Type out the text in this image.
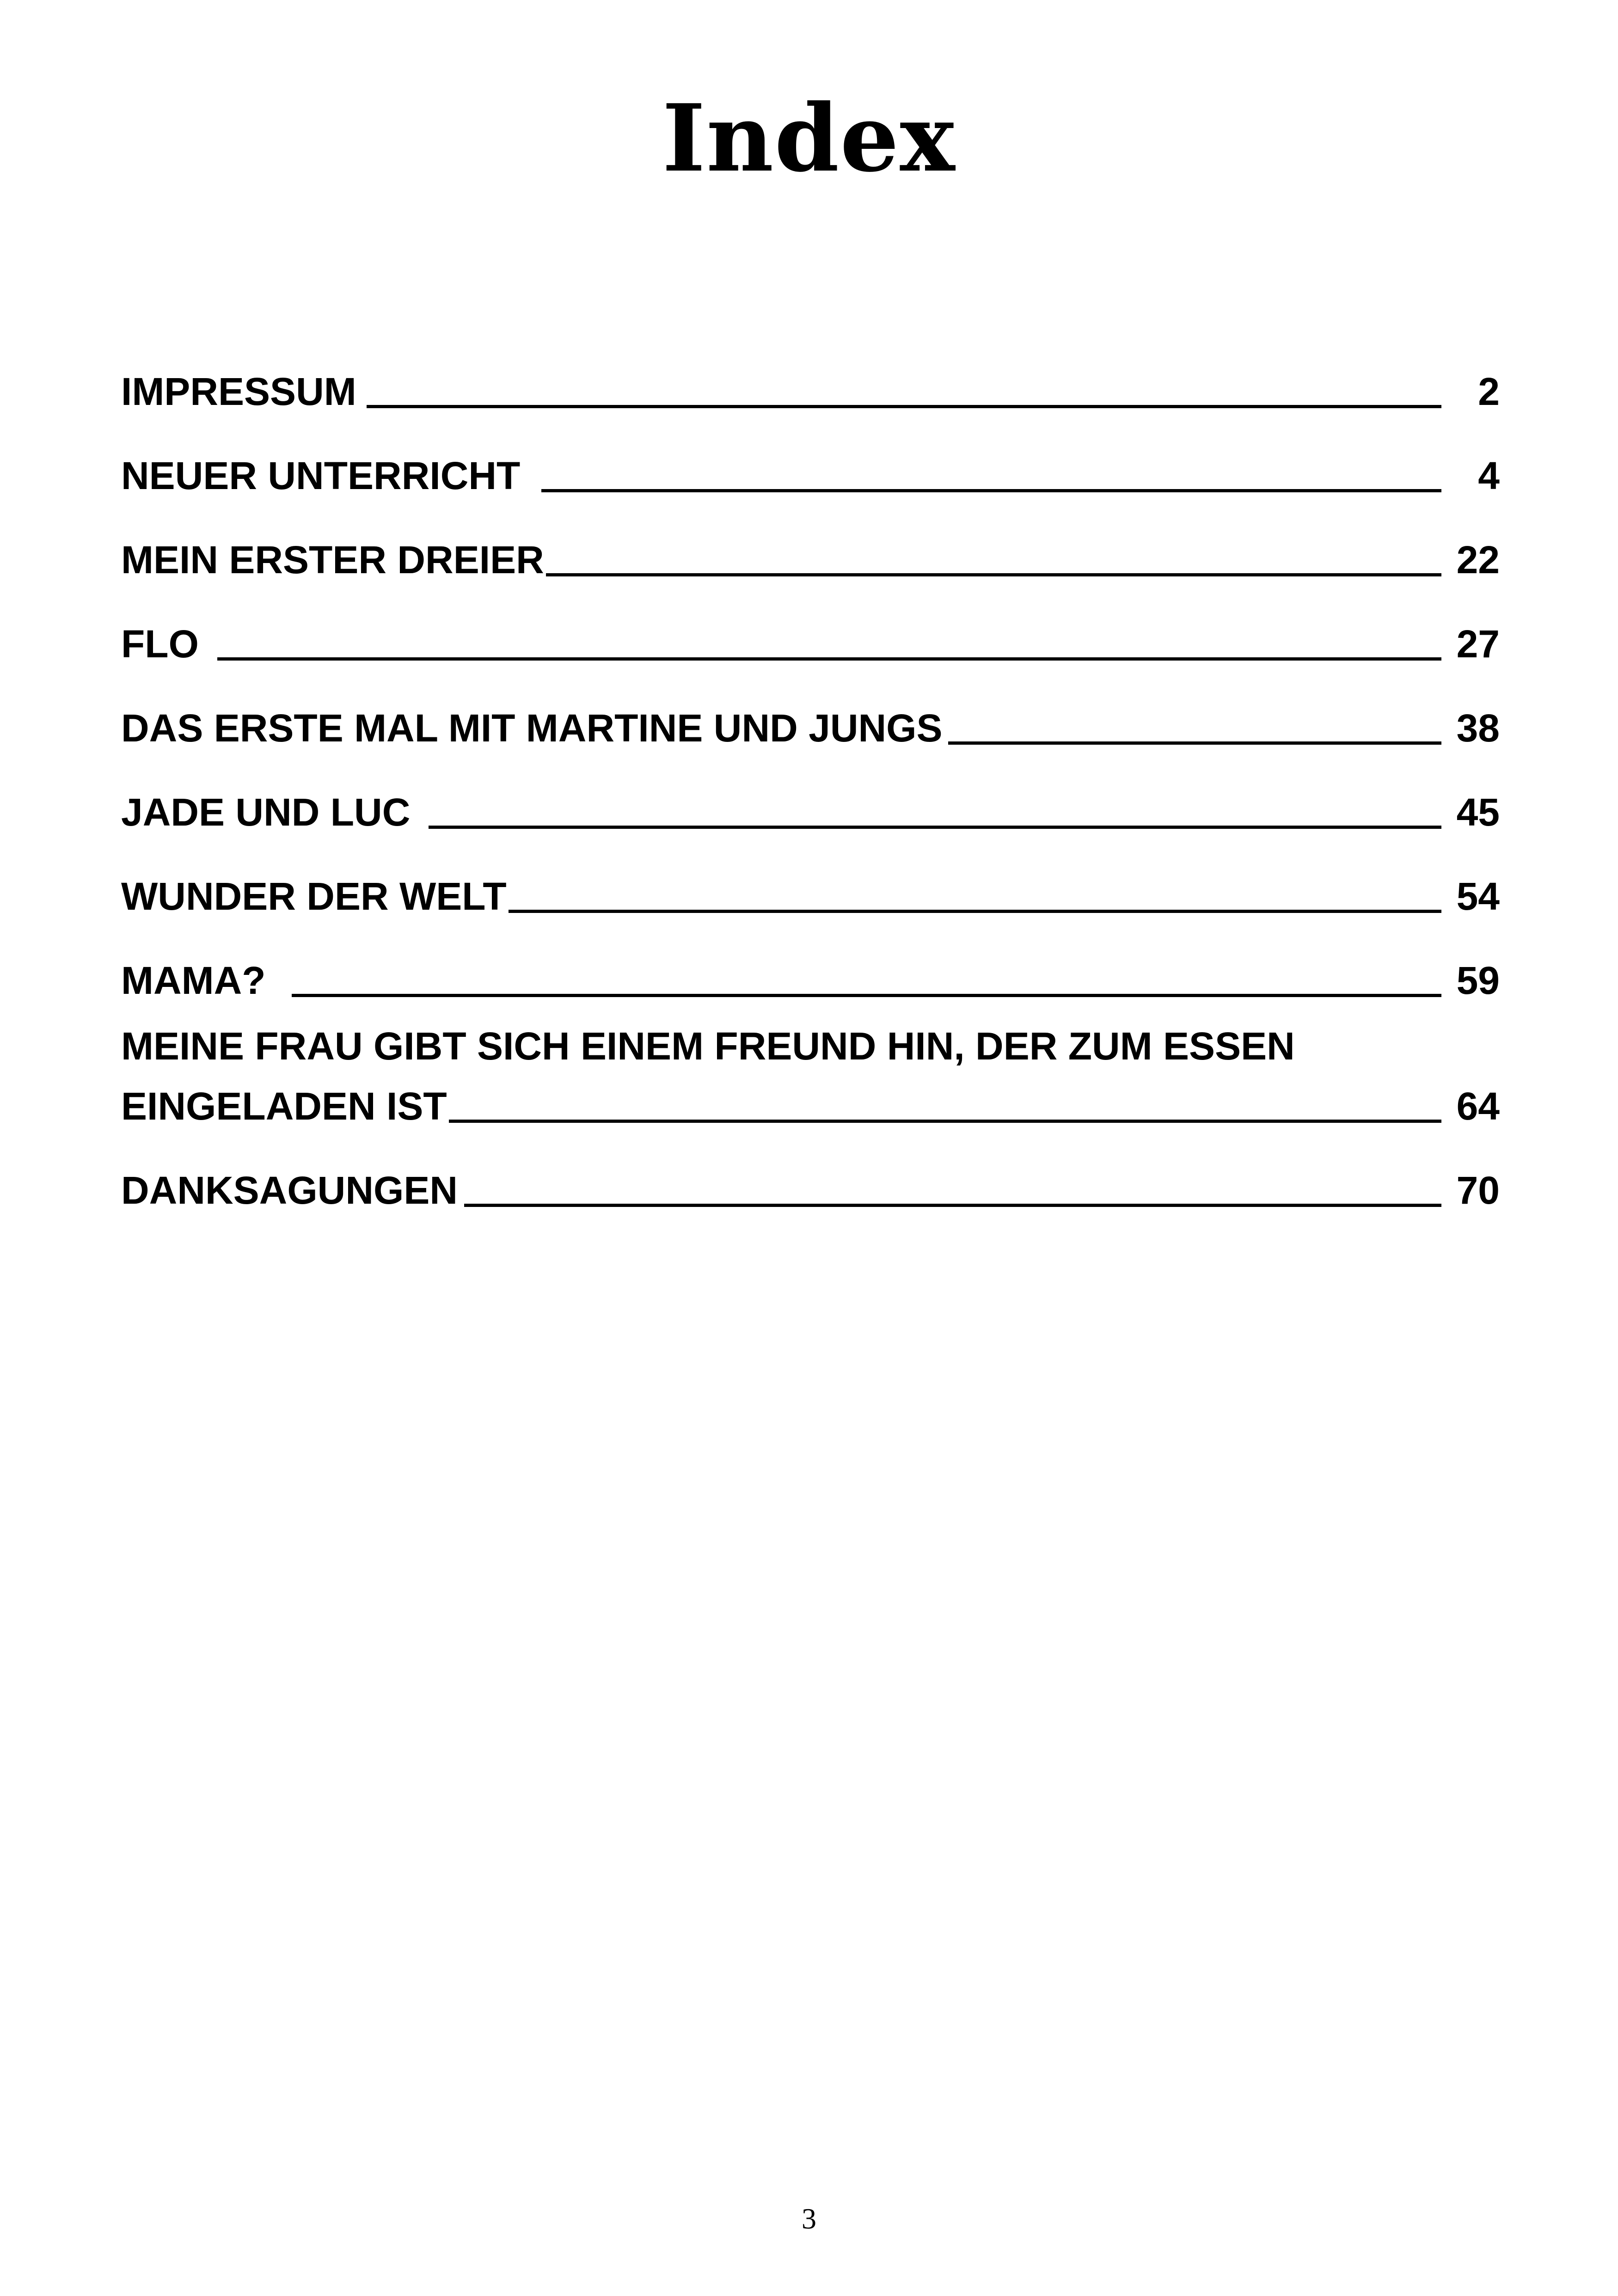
Index
IMPRESSUM	2
NEUER UNTERRICHT	4
MEIN ERSTER DREIER	22
FLO	27
DAS ERSTE MAL MIT MARTINE UND JUNGS	38
JADE UND LUC	45
WUNDER DER WELT	54
MAMA?	59
MEINE FRAU GIBT SICH EINEM FREUND HIN, DER ZUM ESSEN
EINGELADEN IST	64
DANKSAGUNGEN	70
3
